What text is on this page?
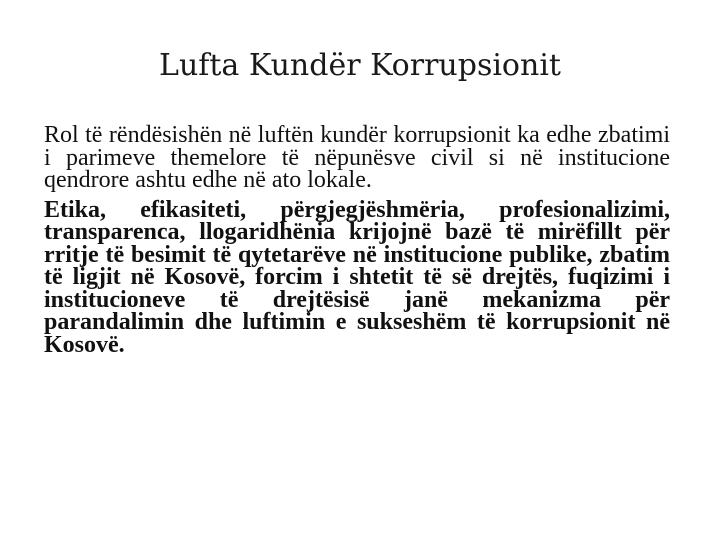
Lufta Kundër Korrupsionit

Rol të rëndësishën në luftën kundër korrupsionit ka edhe zbatimi i parimeve themelore të nëpunësve civil si në institucione qendrore ashtu edhe në ato lokale.

Etika, efikasiteti, përgjegjëshmëria, profesionalizimi, transparenca, llogaridhënia krijojnë bazë të mirëfillt për rritje të besimit të qytetarëve në institucione publike, zbatim të ligjit në Kosovë, forcim i shtetit të së drejtës, fuqizimi i institucioneve të drejtësisë janë mekanizma për parandalimin dhe luftimin e sukseshëm të korrupsionit në Kosovë.
